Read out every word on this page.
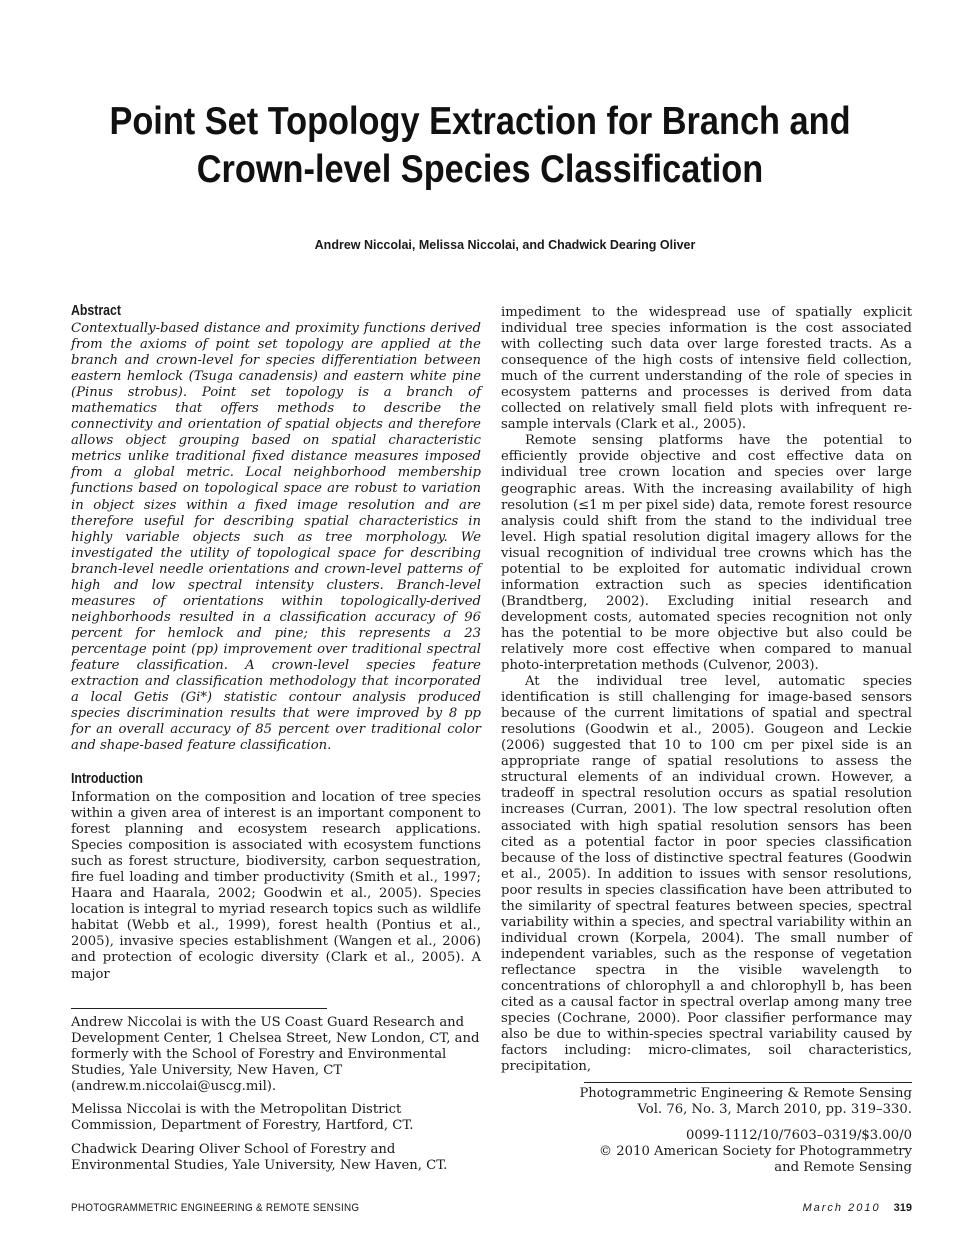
Point Set Topology Extraction for Branch and Crown-level Species Classification
Andrew Niccolai, Melissa Niccolai, and Chadwick Dearing Oliver
Abstract

Contextually-based distance and proximity functions derived from the axioms of point set topology are applied at the branch and crown-level for species differentiation between eastern hemlock (Tsuga canadensis) and eastern white pine (Pinus strobus). Point set topology is a branch of mathematics that offers methods to describe the connectivity and orientation of spatial objects and therefore allows object grouping based on spatial characteristic metrics unlike traditional fixed distance measures imposed from a global metric. Local neighborhood membership functions based on topological space are robust to variation in object sizes within a fixed image resolution and are therefore useful for describing spatial characteristics in highly variable objects such as tree morphology. We investigated the utility of topological space for describing branch-level needle orientations and crown-level patterns of high and low spectral intensity clusters. Branch-level measures of orientations within topologically-derived neighborhoods resulted in a classification accuracy of 96 percent for hemlock and pine; this represents a 23 percentage point (pp) improvement over traditional spectral feature classification. A crown-level species feature extraction and classification methodology that incorporated a local Getis (Gi*) statistic contour analysis produced species discrimination results that were improved by 8 pp for an overall accuracy of 85 percent over traditional color and shape-based feature classification.

Introduction

Information on the composition and location of tree species within a given area of interest is an important component to forest planning and ecosystem research applications. Species composition is associated with ecosystem functions such as forest structure, biodiversity, carbon sequestration, fire fuel loading and timber productivity (Smith et al., 1997; Haara and Haarala, 2002; Goodwin et al., 2005). Species location is integral to myriad research topics such as wildlife habitat (Webb et al., 1999), forest health (Pontius et al., 2005), invasive species establishment (Wangen et al., 2006) and protection of ecologic diversity (Clark et al., 2005). A major

impediment to the widespread use of spatially explicit individual tree species information is the cost associated with collecting such data over large forested tracts. As a consequence of the high costs of intensive field collection, much of the current understanding of the role of species in ecosystem patterns and processes is derived from data collected on relatively small field plots with infrequent re-sample intervals (Clark et al., 2005).

Remote sensing platforms have the potential to efficiently provide objective and cost effective data on individual tree crown location and species over large geographic areas. With the increasing availability of high resolution (≤1 m per pixel side) data, remote forest resource analysis could shift from the stand to the individual tree level. High spatial resolution digital imagery allows for the visual recognition of individual tree crowns which has the potential to be exploited for automatic individual crown information extraction such as species identification (Brandtberg, 2002). Excluding initial research and development costs, automated species recognition not only has the potential to be more objective but also could be relatively more cost effective when compared to manual photo-interpretation methods (Culvenor, 2003).

At the individual tree level, automatic species identification is still challenging for image-based sensors because of the current limitations of spatial and spectral resolutions (Goodwin et al., 2005). Gougeon and Leckie (2006) suggested that 10 to 100 cm per pixel side is an appropriate range of spatial resolutions to assess the structural elements of an individual crown. However, a tradeoff in spectral resolution occurs as spatial resolution increases (Curran, 2001). The low spectral resolution often associated with high spatial resolution sensors has been cited as a potential factor in poor species classification because of the loss of distinctive spectral features (Goodwin et al., 2005). In addition to issues with sensor resolutions, poor results in species classification have been attributed to the similarity of spectral features between species, spectral variability within a species, and spectral variability within an individual crown (Korpela, 2004). The small number of independent variables, such as the response of vegetation reflectance spectra in the visible wavelength to concentrations of chlorophyll a and chlorophyll b, has been cited as a causal factor in spectral overlap among many tree species (Cochrane, 2000). Poor classifier performance may also be due to within-species spectral variability caused by factors including: micro-climates, soil characteristics, precipitation,

Andrew Niccolai is with the US Coast Guard Research and Development Center, 1 Chelsea Street, New London, CT, and formerly with the School of Forestry and Environmental Studies, Yale University, New Haven, CT (andrew.m.niccolai@uscg.mil).

Melissa Niccolai is with the Metropolitan District Commission, Department of Forestry, Hartford, CT.

Chadwick Dearing Oliver School of Forestry and Environmental Studies, Yale University, New Haven, CT.

Photogrammetric Engineering & Remote Sensing
Vol. 76, No. 3, March 2010, pp. 319–330.
0099-1112/10/7603–0319/$3.00/0
© 2010 American Society for Photogrammetry
and Remote Sensing
PHOTOGRAMMETRIC ENGINEERING & REMOTE SENSING	March 2010 319
